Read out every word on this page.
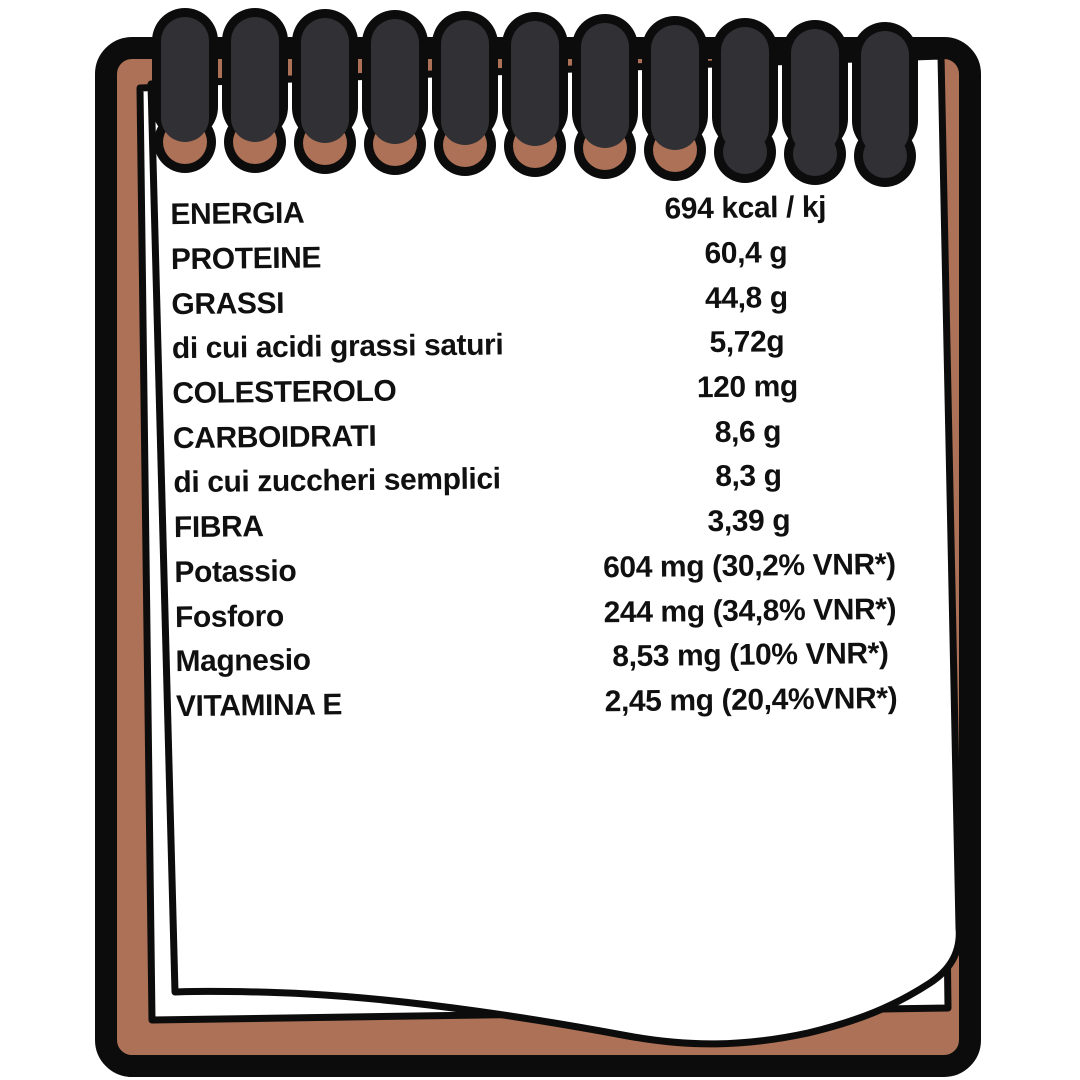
ENERGIA	694 kcal / kj
PROTEINE	60,4 g
GRASSI	44,8 g
di cui acidi grassi saturi	5,72g
COLESTEROLO	120 mg
CARBOIDRATI	8,6 g
di cui zuccheri semplici	8,3 g
FIBRA	3,39 g
Potassio	604 mg (30,2% VNR*)
Fosforo	244 mg (34,8% VNR*)
Magnesio	8,53 mg (10% VNR*)
VITAMINA E	2,45 mg (20,4%VNR*)
